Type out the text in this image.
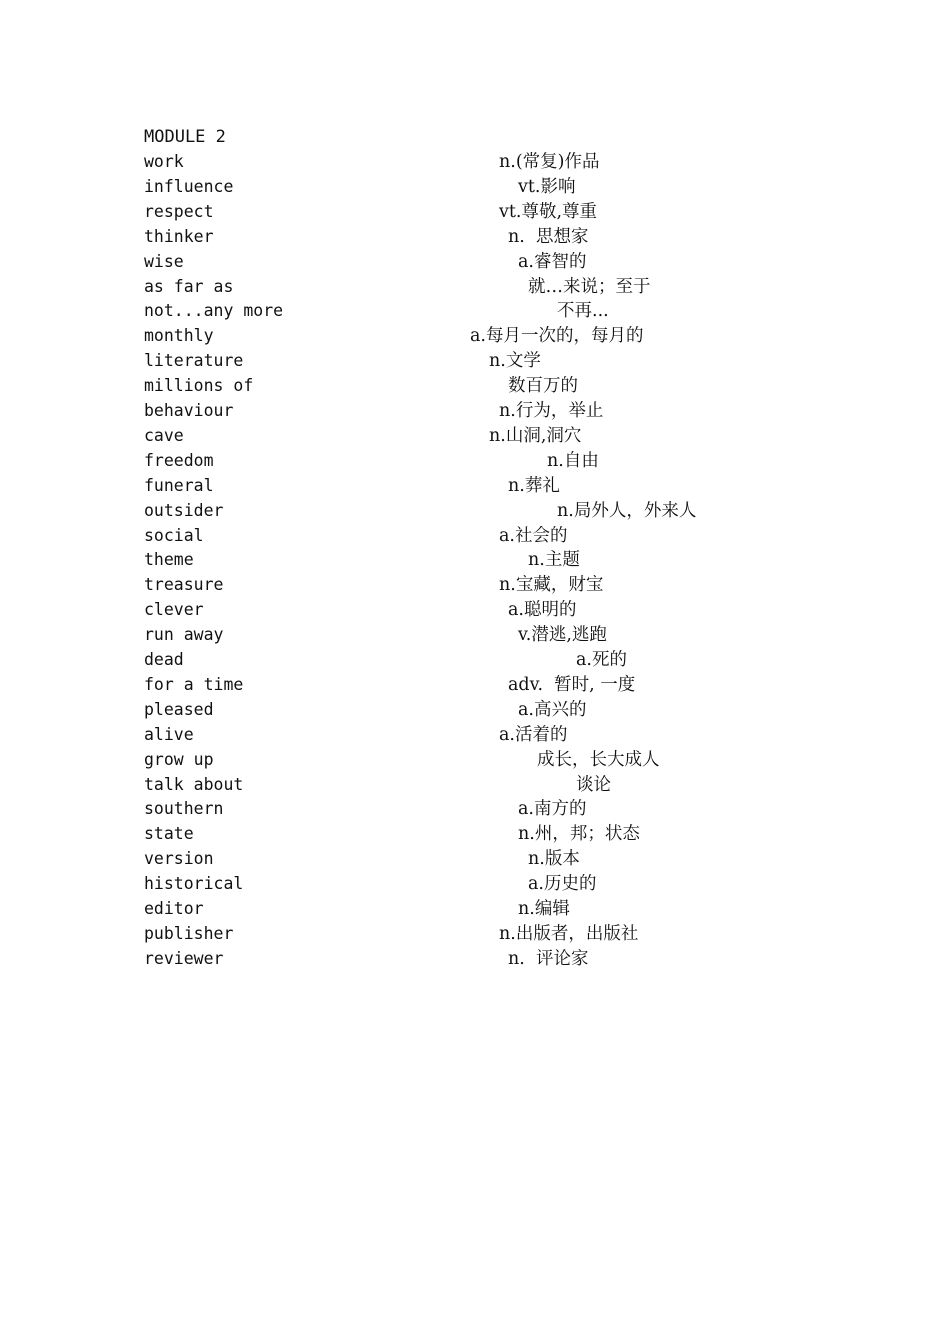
MODULE 2
work	n.(常复)作品
influence	vt.影响
respect	vt.尊敬,尊重
thinker	n.  思想家
wise	a.睿智的
as far as	就…来说；至于
not...any more	不再...
monthly	a.每月一次的，每月的
literature	n.文学
millions of	数百万的
behaviour	n.行为，举止
cave	n.山洞,洞穴
freedom	n.自由
funeral	n.葬礼
outsider	n.局外人，外来人
social	a.社会的
theme	n.主题
treasure	n.宝藏，财宝
clever	a.聪明的
run away	v.潜逃,逃跑
dead	a.死的
for a time	adv.  暂时, 一度
pleased	a.高兴的
alive	a.活着的
grow up	成长，长大成人
talk about	谈论
southern	a.南方的
state	n.州，邦；状态
version	n.版本
historical	a.历史的
editor	n.编辑
publisher	n.出版者，出版社
reviewer	n.  评论家
